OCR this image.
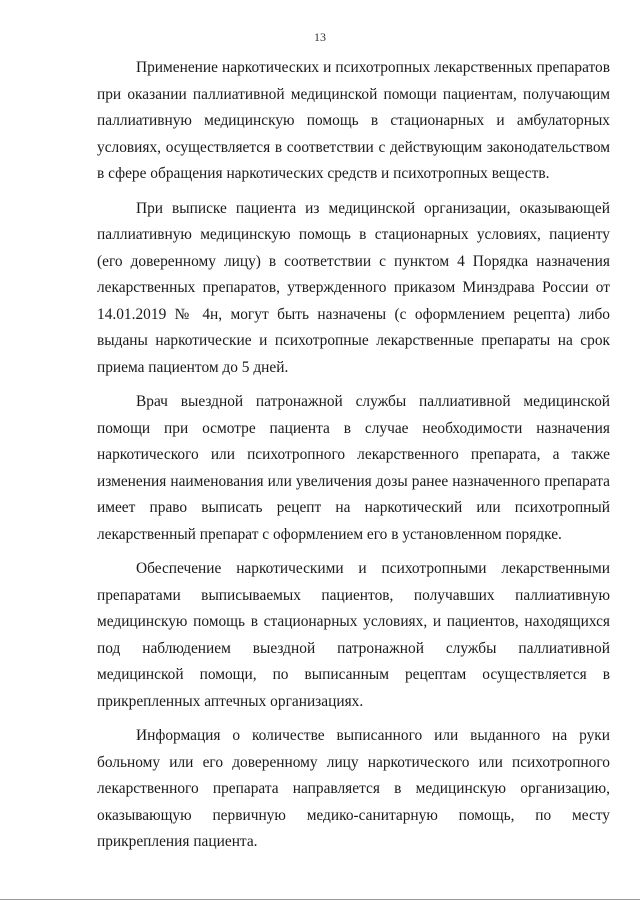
13

Применение наркотических и психотропных лекарственных препаратов
при оказании паллиативной медицинской помощи пациентам, получающим
паллиативную медицинскую помощь в стационарных и амбулаторных
условиях, осуществляется в соответствии с действующим законодательством
в сфере обращения наркотических средств и психотропных веществ.

При выписке пациента из медицинской организации, оказывающей
паллиативную медицинскую помощь в стационарных условиях, пациенту
(его доверенному лицу) в соответствии с пунктом 4 Порядка назначения
лекарственных препаратов, утвержденного приказом Минздрава России от
14.01.2019 № 4н, могут быть назначены (с оформлением рецепта) либо
выданы наркотические и психотропные лекарственные препараты на срок
приема пациентом до 5 дней.

Врач выездной патронажной службы паллиативной медицинской
помощи при осмотре пациента в случае необходимости назначения
наркотического или психотропного лекарственного препарата, а также
изменения наименования или увеличения дозы ранее назначенного препарата
имеет право выписать рецепт на наркотический или психотропный
лекарственный препарат с оформлением его в установленном порядке.

Обеспечение наркотическими и психотропными лекарственными
препаратами выписываемых пациентов, получавших паллиативную
медицинскую помощь в стационарных условиях, и пациентов, находящихся
под наблюдением выездной патронажной службы паллиативной
медицинской помощи, по выписанным рецептам осуществляется в
прикрепленных аптечных организациях.

Информация о количестве выписанного или выданного на руки
больному или его доверенному лицу наркотического или психотропного
лекарственного препарата направляется в медицинскую организацию,
оказывающую первичную медико-санитарную помощь, по месту
прикрепления пациента.
